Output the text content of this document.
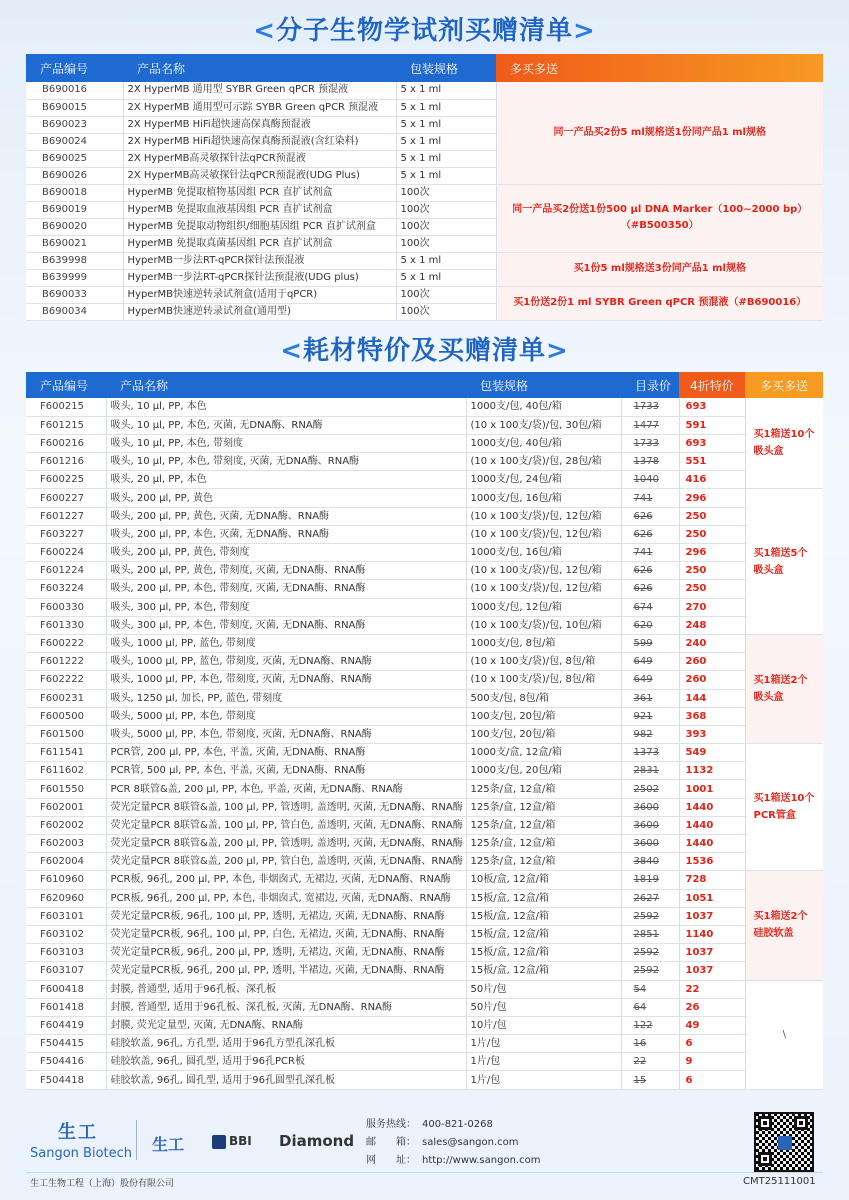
<分子生物学试剂买赠清单>
产品编号	产品名称	包装规格	多买多送
B690016	2X HyperMB 通用型 SYBR Green qPCR 预混液	5 x 1 ml	同一产品买2份5 ml规格送1份同产品1 ml规格
B690015	2X HyperMB 通用型可示踪 SYBR Green qPCR 预混液	5 x 1 ml	
B690023	2X HyperMB HiFi超快速高保真酶预混液	5 x 1 ml	
B690024	2X HyperMB HiFi超快速高保真酶预混液(含红染料)	5 x 1 ml	
B690025	2X HyperMB高灵敏探针法qPCR预混液	5 x 1 ml	
B690026	2X HyperMB高灵敏探针法qPCR预混液(UDG Plus)	5 x 1 ml	
B690018	HyperMB 免提取植物基因组 PCR 直扩试剂盒	100次	同一产品买2份送1份500 μl DNA Marker（100~2000 bp）（#B500350）
B690019	HyperMB 免提取血液基因组 PCR 直扩试剂盒	100次	
B690020	HyperMB 免提取动物组织/细胞基因组 PCR 直扩试剂盒	100次	
B690021	HyperMB 免提取真菌基因组 PCR 直扩试剂盒	100次	
B639998	HyperMB一步法RT-qPCR探针法预混液	5 x 1 ml	买1份5 ml规格送3份同产品1 ml规格
B639999	HyperMB一步法RT-qPCR探针法预混液(UDG plus)	5 x 1 ml	
B690033	HyperMB快速逆转录试剂盒(适用于qPCR)	100次	买1份送2份1 ml SYBR Green qPCR 预混液（#B690016）
B690034	HyperMB快速逆转录试剂盒(通用型)	100次	
<耗材特价及买赠清单>
产品编号	产品名称	包装规格	目录价	4折特价	多买多送
F600215	吸头, 10 μl, PP, 本色	1000支/包, 40包/箱	1733	693	买1箱送10个吸头盒
F601215	吸头, 10 μl, PP, 本色, 灭菌, 无DNA酶、RNA酶	(10 x 100支/袋)/包, 30包/箱	1477	591	
F600216	吸头, 10 μl, PP, 本色, 带刻度	1000支/包, 40包/箱	1733	693	
F601216	吸头, 10 μl, PP, 本色, 带刻度, 灭菌, 无DNA酶、RNA酶	(10 x 100支/袋)/包, 28包/箱	1378	551	
F600225	吸头, 20 μl, PP, 本色	1000支/包, 24包/箱	1040	416	
F600227	吸头, 200 μl, PP, 黄色	1000支/包, 16包/箱	741	296	买1箱送5个吸头盒
F601227	吸头, 200 μl, PP, 黄色, 灭菌, 无DNA酶、RNA酶	(10 x 100支/袋)/包, 12包/箱	626	250	
F603227	吸头, 200 μl, PP, 本色, 灭菌, 无DNA酶、RNA酶	(10 x 100支/袋)/包, 12包/箱	626	250	
F600224	吸头, 200 μl, PP, 黄色, 带刻度	1000支/包, 16包/箱	741	296	
F601224	吸头, 200 μl, PP, 黄色, 带刻度, 灭菌, 无DNA酶、RNA酶	(10 x 100支/袋)/包, 12包/箱	626	250	
F603224	吸头, 200 μl, PP, 本色, 带刻度, 灭菌, 无DNA酶、RNA酶	(10 x 100支/袋)/包, 12包/箱	626	250	
F600330	吸头, 300 μl, PP, 本色, 带刻度	1000支/包, 12包/箱	674	270	
F601330	吸头, 300 μl, PP, 本色, 带刻度, 灭菌, 无DNA酶、RNA酶	(10 x 100支/袋)/包, 10包/箱	620	248	
F600222	吸头, 1000 μl, PP, 蓝色, 带刻度	1000支/包, 8包/箱	599	240	买1箱送2个吸头盒
F601222	吸头, 1000 μl, PP, 蓝色, 带刻度, 灭菌, 无DNA酶、RNA酶	(10 x 100支/袋)/包, 8包/箱	649	260	
F602222	吸头, 1000 μl, PP, 本色, 带刻度, 灭菌, 无DNA酶、RNA酶	(10 x 100支/袋)/包, 8包/箱	649	260	
F600231	吸头, 1250 μl, 加长, PP, 蓝色, 带刻度	500支/包, 8包/箱	361	144	
F600500	吸头, 5000 μl, PP, 本色, 带刻度	100支/包, 20包/箱	921	368	
F601500	吸头, 5000 μl, PP, 本色, 带刻度, 灭菌, 无DNA酶、RNA酶	100支/包, 20包/箱	982	393	
F611541	PCR管, 200 μl, PP, 本色, 平盖, 灭菌, 无DNA酶、RNA酶	1000支/盒, 12盒/箱	1373	549	买1箱送10个PCR管盒
F611602	PCR管, 500 μl, PP, 本色, 平盖, 灭菌, 无DNA酶、RNA酶	1000支/包, 20包/箱	2831	1132	
F601550	PCR 8联管&盖, 200 μl, PP, 本色, 平盖, 灭菌, 无DNA酶、RNA酶	125条/盒, 12盒/箱	2502	1001	
F602001	荧光定量PCR 8联管&盖, 100 μl, PP, 管透明, 盖透明, 灭菌, 无DNA酶、RNA酶	125条/盒, 12盒/箱	3600	1440	
F602002	荧光定量PCR 8联管&盖, 100 μl, PP, 管白色, 盖透明, 灭菌, 无DNA酶、RNA酶	125条/盒, 12盒/箱	3600	1440	
F602003	荧光定量PCR 8联管&盖, 200 μl, PP, 管透明, 盖透明, 灭菌, 无DNA酶、RNA酶	125条/盒, 12盒/箱	3600	1440	
F602004	荧光定量PCR 8联管&盖, 200 μl, PP, 管白色, 盖透明, 灭菌, 无DNA酶、RNA酶	125条/盒, 12盒/箱	3840	1536	
F610960	PCR板, 96孔, 200 μl, PP, 本色, 非烟囱式, 无裙边, 灭菌, 无DNA酶、RNA酶	10板/盒, 12盒/箱	1819	728	买1箱送2个硅胶软盖
F620960	PCR板, 96孔, 200 μl, PP, 本色, 非烟囱式, 宽裙边, 灭菌, 无DNA酶、RNA酶	15板/盒, 12盒/箱	2627	1051	
F603101	荧光定量PCR板, 96孔, 100 μl, PP, 透明, 无裙边, 灭菌, 无DNA酶、RNA酶	15板/盒, 12盒/箱	2592	1037	
F603102	荧光定量PCR板, 96孔, 100 μl, PP, 白色, 无裙边, 灭菌, 无DNA酶、RNA酶	15板/盒, 12盒/箱	2851	1140	
F603103	荧光定量PCR板, 96孔, 200 μl, PP, 透明, 无裙边, 灭菌, 无DNA酶、RNA酶	15板/盒, 12盒/箱	2592	1037	
F603107	荧光定量PCR板, 96孔, 200 μl, PP, 透明, 半裙边, 灭菌, 无DNA酶、RNA酶	15板/盒, 12盒/箱	2592	1037	
F600418	封膜, 普通型, 适用于96孔板、深孔板	50片/包	54	22	\
F601418	封膜, 普通型, 适用于96孔板、深孔板, 灭菌, 无DNA酶、RNA酶	50片/包	64	26	
F604419	封膜, 荧光定量型, 灭菌, 无DNA酶、RNA酶	10片/包	122	49	
F504415	硅胶软盖, 96孔, 方孔型, 适用于96孔方型孔深孔板	1片/包	16	6	
F504416	硅胶软盖, 96孔, 圆孔型, 适用于96孔PCR板	1片/包	22	9	
F504418	硅胶软盖, 96孔, 圆孔型, 适用于96孔圆型孔深孔板	1片/包	15	6	
生工
Sangon Biotech 生工	BBI Diamond
服务热线： 400-821-0268
邮　　箱： sales@sangon.com
网　　址： http://www.sangon.com
生工生物工程（上海）股份有限公司	CMT25111001
